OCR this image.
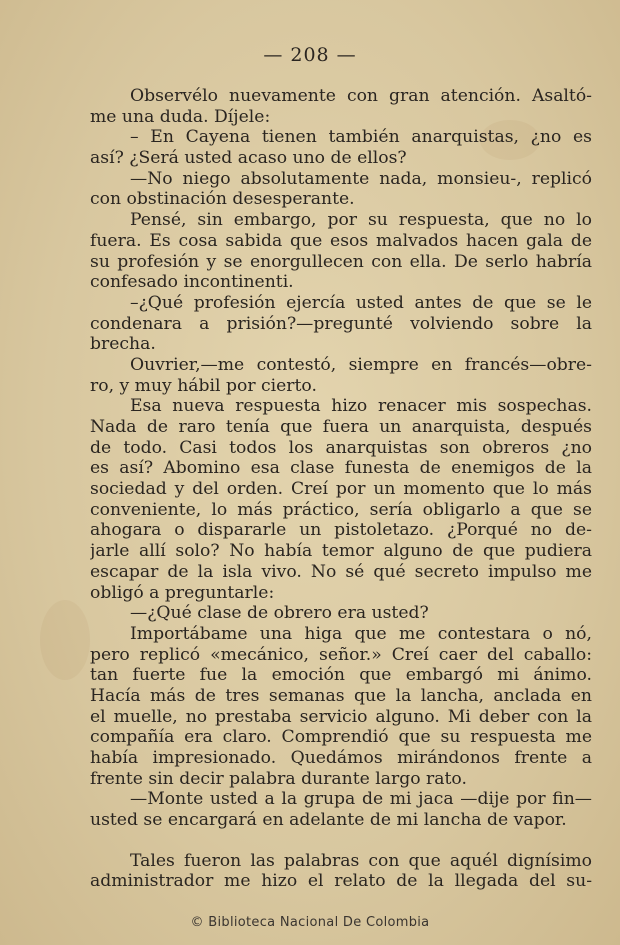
— 208 —
Observélo nuevamente con gran atención. Asaltó-
me una duda. Díjele:
– En Cayena tienen también anarquistas, ¿no es
así? ¿Será usted acaso uno de ellos?
—No niego absolutamente nada, monsieu-, replicó
con obstinación desesperante.
Pensé, sin embargo, por su respuesta, que no lo
fuera. Es cosa sabida que esos malvados hacen gala de
su profesión y se enorgullecen con ella. De serlo habría
confesado incontinenti.
–¿Qué profesión ejercía usted antes de que se le
condenara a prisión?—pregunté volviendo sobre la
brecha.
Ouvrier,—me contestó, siempre en francés—obre-
ro, y muy hábil por cierto.
Esa nueva respuesta hizo renacer mis sospechas.
Nada de raro tenía que fuera un anarquista, después
de todo. Casi todos los anarquistas son obreros ¿no
es así? Abomino esa clase funesta de enemigos de la
sociedad y del orden. Creí por un momento que lo más
conveniente, lo más práctico, sería obligarlo a que se
ahogara o dispararle un pistoletazo. ¿Porqué no de-
jarle allí solo? No había temor alguno de que pudiera
escapar de la isla vivo. No sé qué secreto impulso me
obligó a preguntarle:
—¿Qué clase de obrero era usted?
Importábame una higa que me contestara o nó,
pero replicó «mecánico, señor.» Creí caer del caballo:
tan fuerte fue la emoción que embargó mi ánimo.
Hacía más de tres semanas que la lancha, anclada en
el muelle, no prestaba servicio alguno. Mi deber con la
compañía era claro. Comprendió que su respuesta me
había impresionado. Quedámos mirándonos frente a
frente sin decir palabra durante largo rato.
—Monte usted a la grupa de mi jaca —dije por fin—
usted se encargará en adelante de mi lancha de vapor.
Tales fueron las palabras con que aquél dignísimo
administrador me hizo el relato de la llegada del su-
© Biblioteca Nacional De Colombia
